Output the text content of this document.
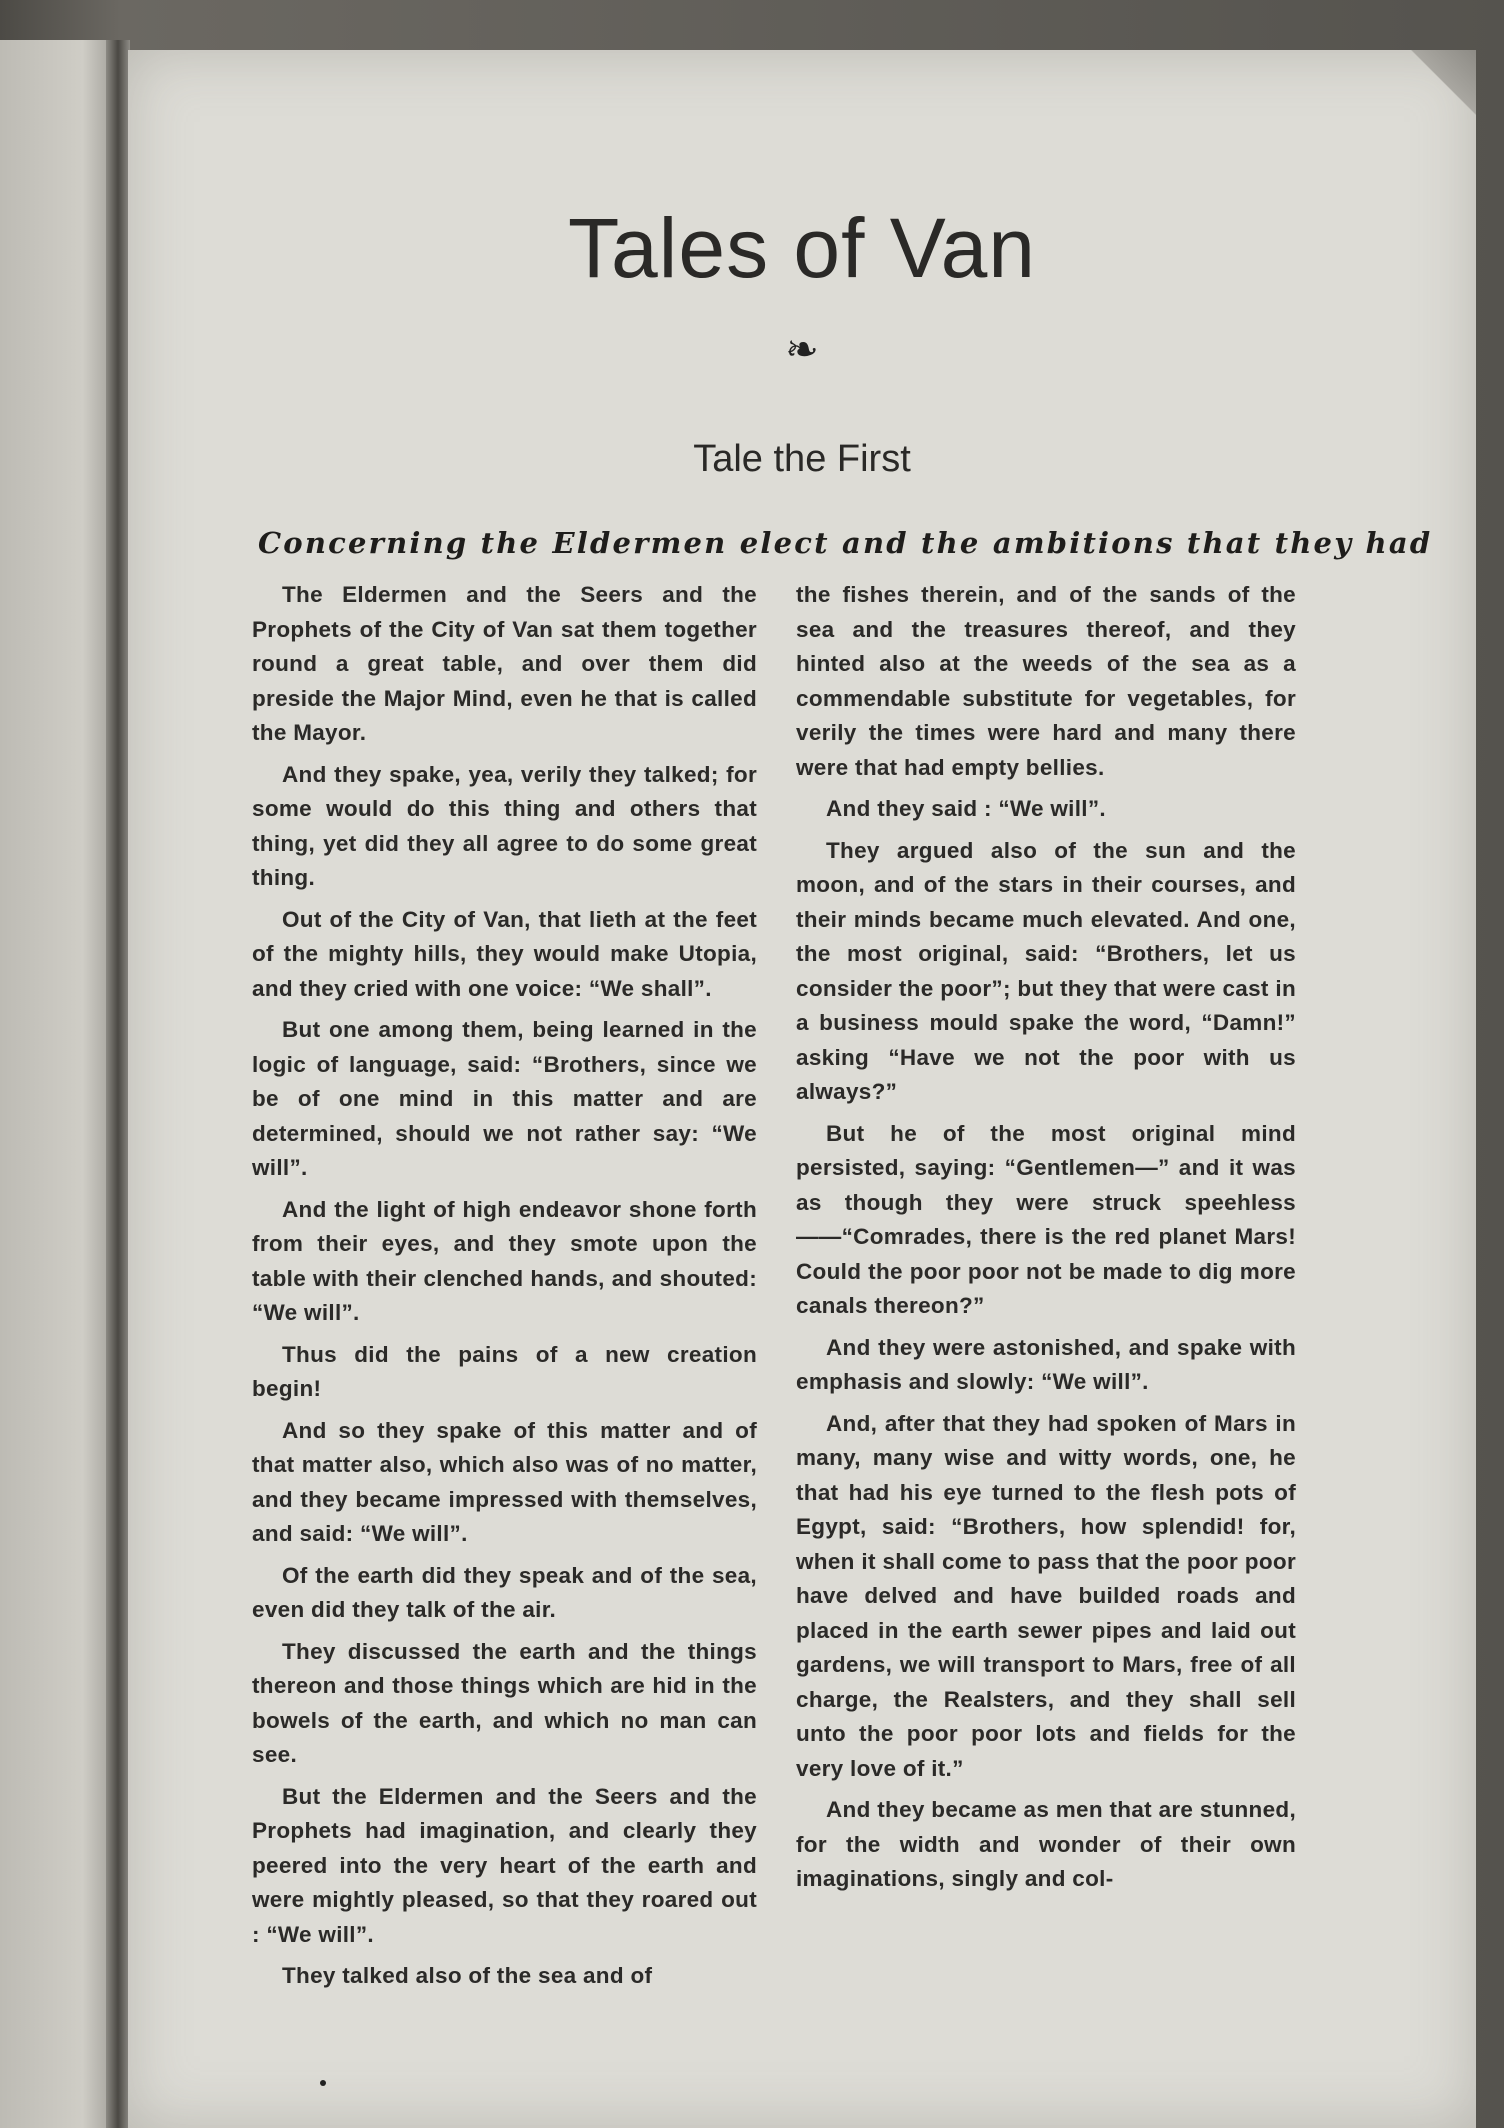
Tales of Van
❧
Tale the First
Concerning the Eldermen elect and the ambitions that they had

The Eldermen and the Seers and the Prophets of the City of Van sat them together round a great table, and over them did preside the Major Mind, even he that is called the Mayor.

And they spake, yea, verily they talked; for some would do this thing and others that thing, yet did they all agree to do some great thing.

Out of the City of Van, that lieth at the feet of the mighty hills, they would make Utopia, and they cried with one voice: “We shall”.

But one among them, being learned in the logic of language, said: “Brothers, since we be of one mind in this matter and are determined, should we not rather say: “We will”.

And the light of high endeavor shone forth from their eyes, and they smote upon the table with their clenched hands, and shouted: “We will”.

Thus did the pains of a new creation begin!

And so they spake of this matter and of that matter also, which also was of no matter, and they became impressed with themselves, and said: “We will”.

Of the earth did they speak and of the sea, even did they talk of the air.

They discussed the earth and the things thereon and those things which are hid in the bowels of the earth, and which no man can see.

But the Eldermen and the Seers and the Prophets had imagination, and clearly they peered into the very heart of the earth and were mightly pleased, so that they roared out : “We will”.

They talked also of the sea and of

the fishes therein, and of the sands of the sea and the treasures thereof, and they hinted also at the weeds of the sea as a commendable substitute for vegetables, for verily the times were hard and many there were that had empty bellies.

And they said : “We will”.

They argued also of the sun and the moon, and of the stars in their courses, and their minds became much elevated. And one, the most original, said: “Brothers, let us consider the poor”; but they that were cast in a business mould spake the word, “Damn!” asking “Have we not the poor with us always?”

But he of the most original mind persisted, saying: “Gentlemen—” and it was as though they were struck speehless——“Comrades, there is the red planet Mars! Could the poor poor not be made to dig more canals thereon?”

And they were astonished, and spake with emphasis and slowly: “We will”.

And, after that they had spoken of Mars in many, many wise and witty words, one, he that had his eye turned to the flesh pots of Egypt, said: “Brothers, how splendid! for, when it shall come to pass that the poor poor have delved and have builded roads and placed in the earth sewer pipes and laid out gardens, we will transport to Mars, free of all charge, the Realsters, and they shall sell unto the poor poor lots and fields for the very love of it.”

And they became as men that are stunned, for the width and wonder of their own imaginations, singly and col-
